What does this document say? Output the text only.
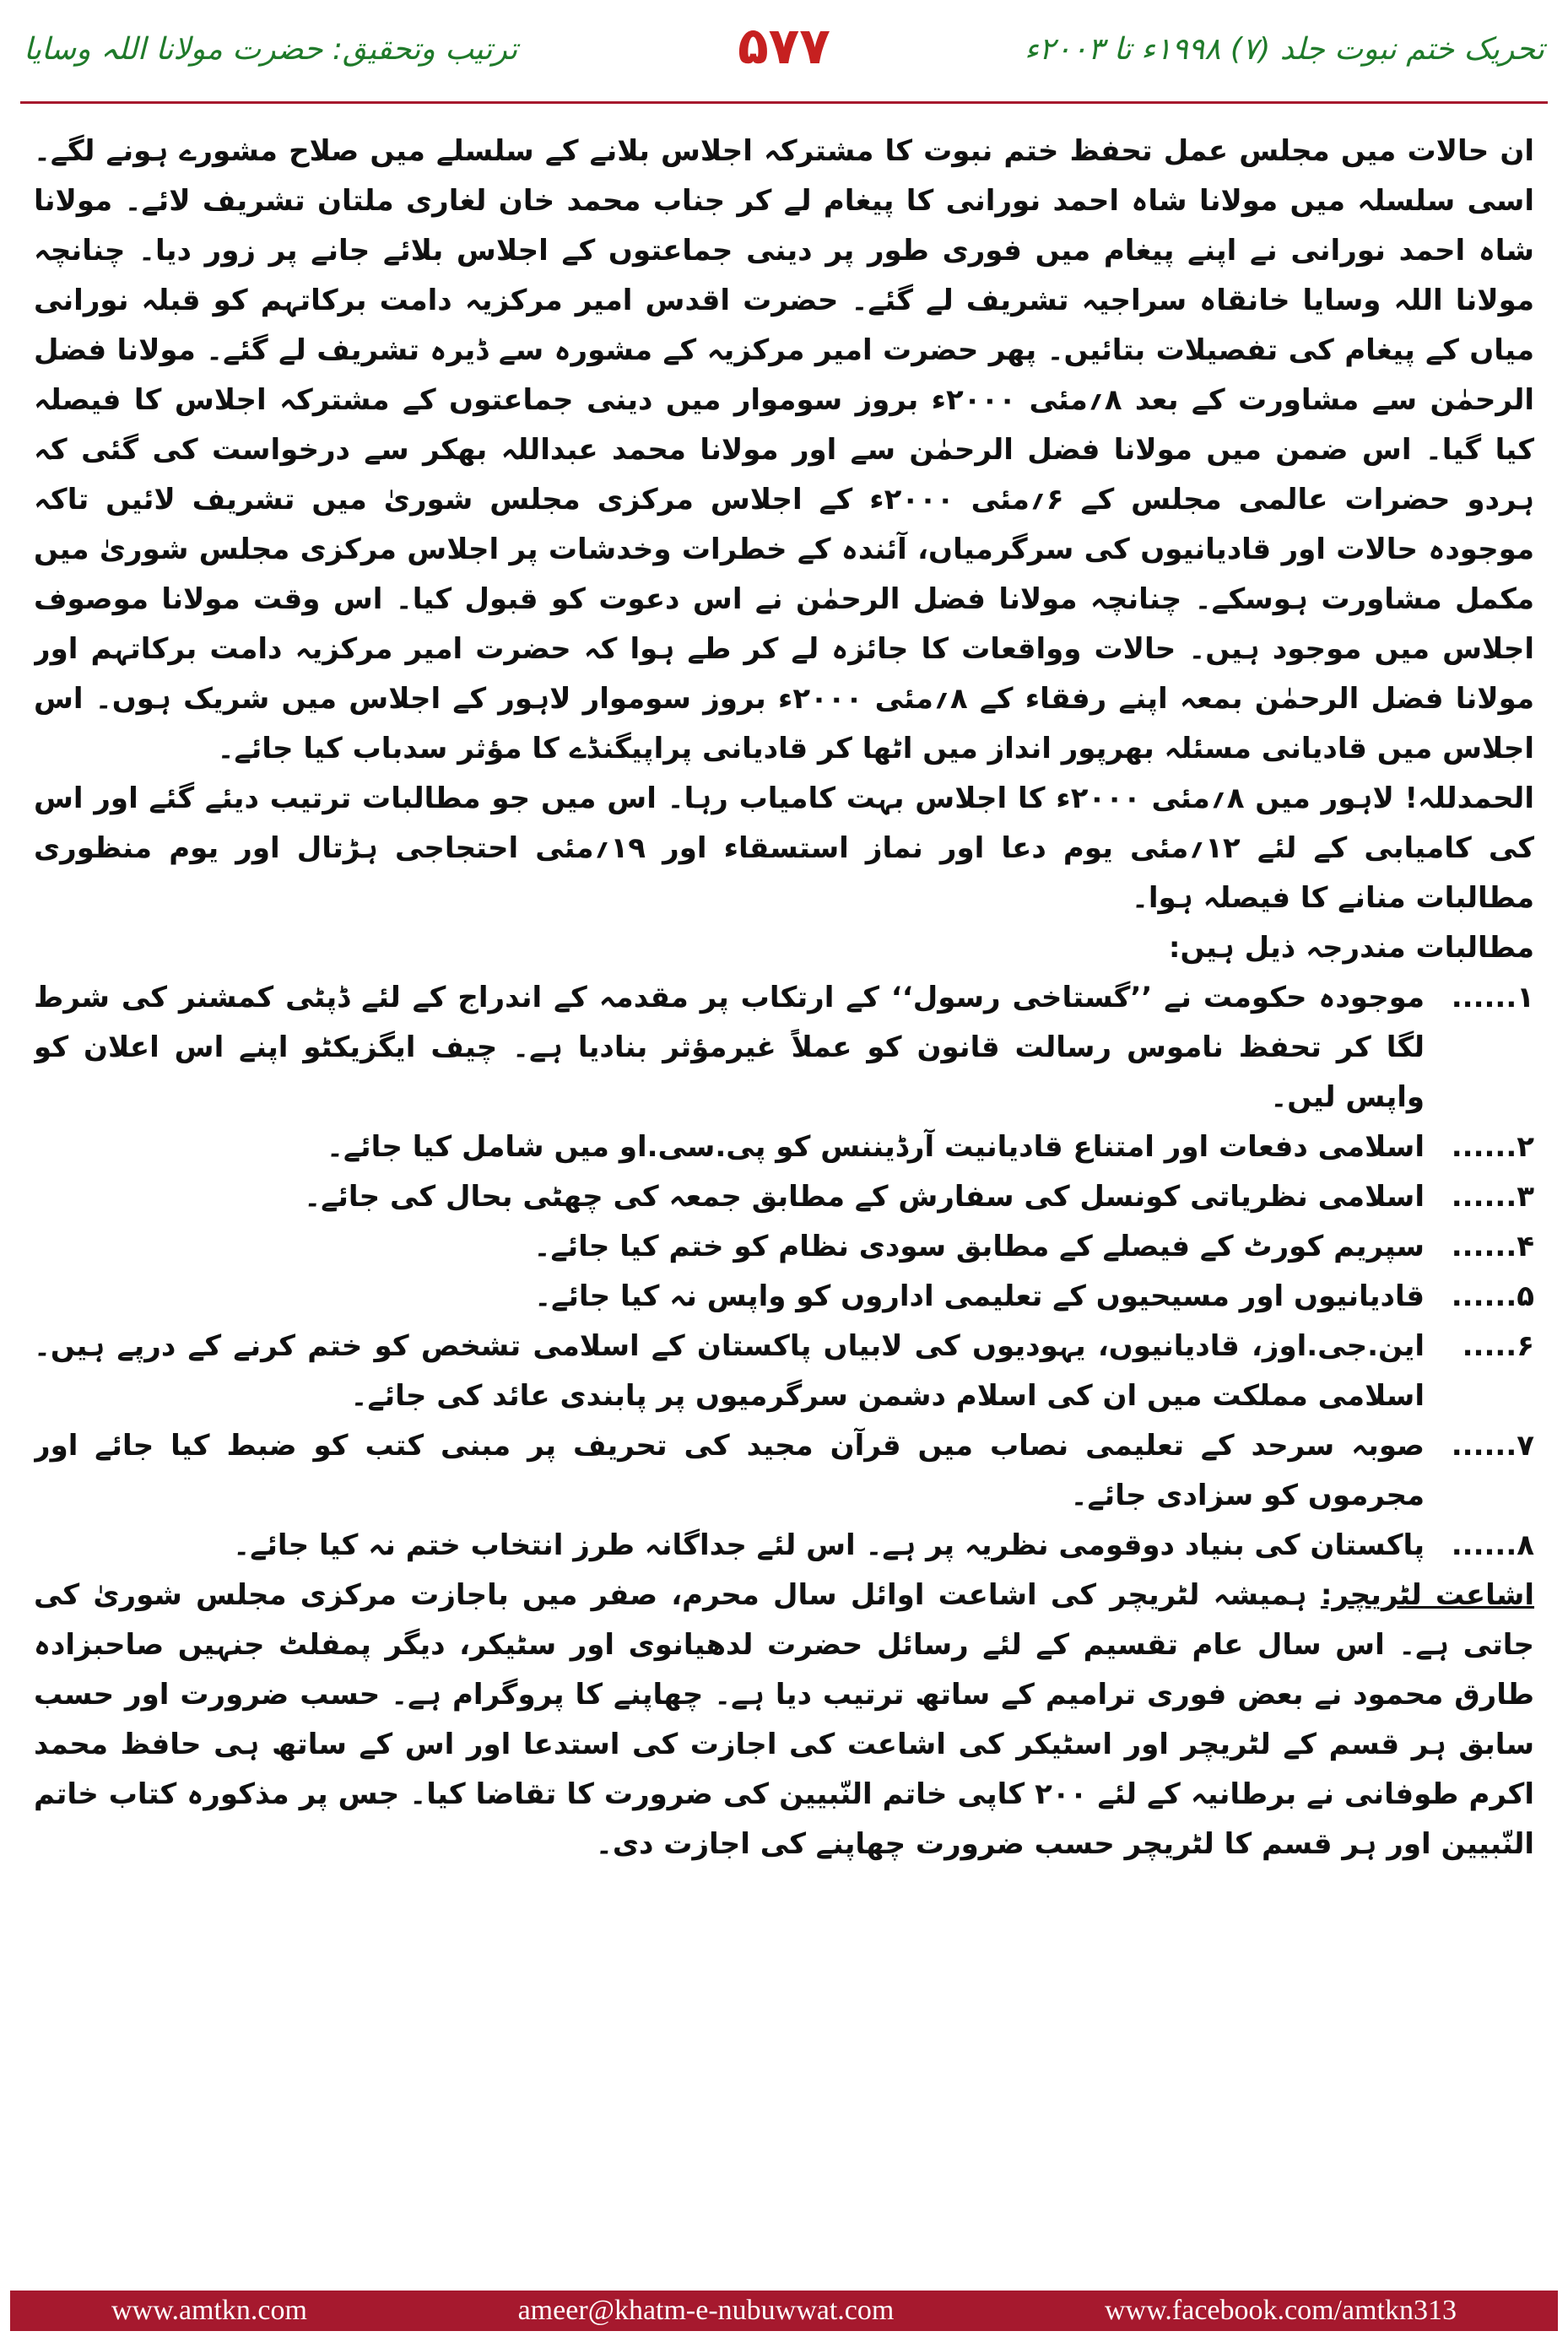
تحریک ختم نبوت جلد (۷) ۱۹۹۸ء تا ۲۰۰۳ء
۵۷۷
ترتیب وتحقیق: حضرت مولانا اللہ وسایا

ان حالات میں مجلس عمل تحفظ ختم نبوت کا مشترکہ اجلاس بلانے کے سلسلے میں صلاح مشورے ہونے لگے۔ اسی سلسلہ میں مولانا شاہ احمد نورانی کا پیغام لے کر جناب محمد خان لغاری ملتان تشریف لائے۔ مولانا شاہ احمد نورانی نے اپنے پیغام میں فوری طور پر دینی جماعتوں کے اجلاس بلائے جانے پر زور دیا۔ چنانچہ مولانا اللہ وسایا خانقاہ سراجیہ تشریف لے گئے۔ حضرت اقدس امیر مرکزیہ دامت برکاتہم کو قبلہ نورانی میاں کے پیغام کی تفصیلات بتائیں۔ پھر حضرت امیر مرکزیہ کے مشورہ سے ڈیرہ تشریف لے گئے۔ مولانا فضل الرحمٰن سے مشاورت کے بعد ۸؍مئی ۲۰۰۰ء بروز سوموار میں دینی جماعتوں کے مشترکہ اجلاس کا فیصلہ کیا گیا۔ اس ضمن میں مولانا فضل الرحمٰن سے اور مولانا محمد عبداللہ بھکر سے درخواست کی گئی کہ ہردو حضرات عالمی مجلس کے ۶؍مئی ۲۰۰۰ء کے اجلاس مرکزی مجلس شوریٰ میں تشریف لائیں تاکہ موجودہ حالات اور قادیانیوں کی سرگرمیاں، آئندہ کے خطرات وخدشات پر اجلاس مرکزی مجلس شوریٰ میں مکمل مشاورت ہوسکے۔ چنانچہ مولانا فضل الرحمٰن نے اس دعوت کو قبول کیا۔ اس وقت مولانا موصوف اجلاس میں موجود ہیں۔ حالات وواقعات کا جائزہ لے کر طے ہوا کہ حضرت امیر مرکزیہ دامت برکاتہم اور مولانا فضل الرحمٰن بمعہ اپنے رفقاء کے ۸؍مئی ۲۰۰۰ء بروز سوموار لاہور کے اجلاس میں شریک ہوں۔ اس اجلاس میں قادیانی مسئلہ بھرپور انداز میں اٹھا کر قادیانی پراپیگنڈے کا مؤثر سدباب کیا جائے۔

الحمدللہ! لاہور میں ۸؍مئی ۲۰۰۰ء کا اجلاس بہت کامیاب رہا۔ اس میں جو مطالبات ترتیب دیئے گئے اور اس کی کامیابی کے لئے ۱۲؍مئی یوم دعا اور نماز استسقاء اور ۱۹؍مئی احتجاجی ہڑتال اور یوم منظوری مطالبات منانے کا فیصلہ ہوا۔

مطالبات مندرجہ ذیل ہیں:

۱......
موجودہ حکومت نے ’’گستاخی رسول‘‘ کے ارتکاب پر مقدمہ کے اندراج کے لئے ڈپٹی کمشنر کی شرط لگا کر تحفظ ناموس رسالت قانون کو عملاً غیرمؤثر بنادیا ہے۔ چیف ایگزیکٹو اپنے اس اعلان کو واپس لیں۔
۲......
اسلامی دفعات اور امتناع قادیانیت آرڈیننس کو پی.سی.او میں شامل کیا جائے۔
۳......
اسلامی نظریاتی کونسل کی سفارش کے مطابق جمعہ کی چھٹی بحال کی جائے۔
۴......
سپریم کورٹ کے فیصلے کے مطابق سودی نظام کو ختم کیا جائے۔
۵......
قادیانیوں اور مسیحیوں کے تعلیمی اداروں کو واپس نہ کیا جائے۔
۶.....
این.جی.اوز، قادیانیوں، یہودیوں کی لابیاں پاکستان کے اسلامی تشخص کو ختم کرنے کے درپے ہیں۔ اسلامی مملکت میں ان کی اسلام دشمن سرگرمیوں پر پابندی عائد کی جائے۔
۷......
صوبہ سرحد کے تعلیمی نصاب میں قرآن مجید کی تحریف پر مبنی کتب کو ضبط کیا جائے اور مجرموں کو سزادی جائے۔
۸......
پاکستان کی بنیاد دوقومی نظریہ پر ہے۔ اس لئے جداگانہ طرز انتخاب ختم نہ کیا جائے۔

اشاعت لٹریچر: ہمیشہ لٹریچر کی اشاعت اوائل سال محرم، صفر میں باجازت مرکزی مجلس شوریٰ کی جاتی ہے۔ اس سال عام تقسیم کے لئے رسائل حضرت لدھیانوی اور سٹیکر، دیگر پمفلٹ جنہیں صاحبزادہ طارق محمود نے بعض فوری ترامیم کے ساتھ ترتیب دیا ہے۔ چھاپنے کا پروگرام ہے۔ حسب ضرورت اور حسب سابق ہر قسم کے لٹریچر اور اسٹیکر کی اشاعت کی اجازت کی استدعا اور اس کے ساتھ ہی حافظ محمد اکرم طوفانی نے برطانیہ کے لئے ۲۰۰ کاپی خاتم النّبیین کی ضرورت کا تقاضا کیا۔ جس پر مذکورہ کتاب خاتم النّبیین اور ہر قسم کا لٹریچر حسب ضرورت چھاپنے کی اجازت دی۔

www.amtkn.com	ameer@khatm-e-nubuwwat.com	www.facebook.com/amtkn313
